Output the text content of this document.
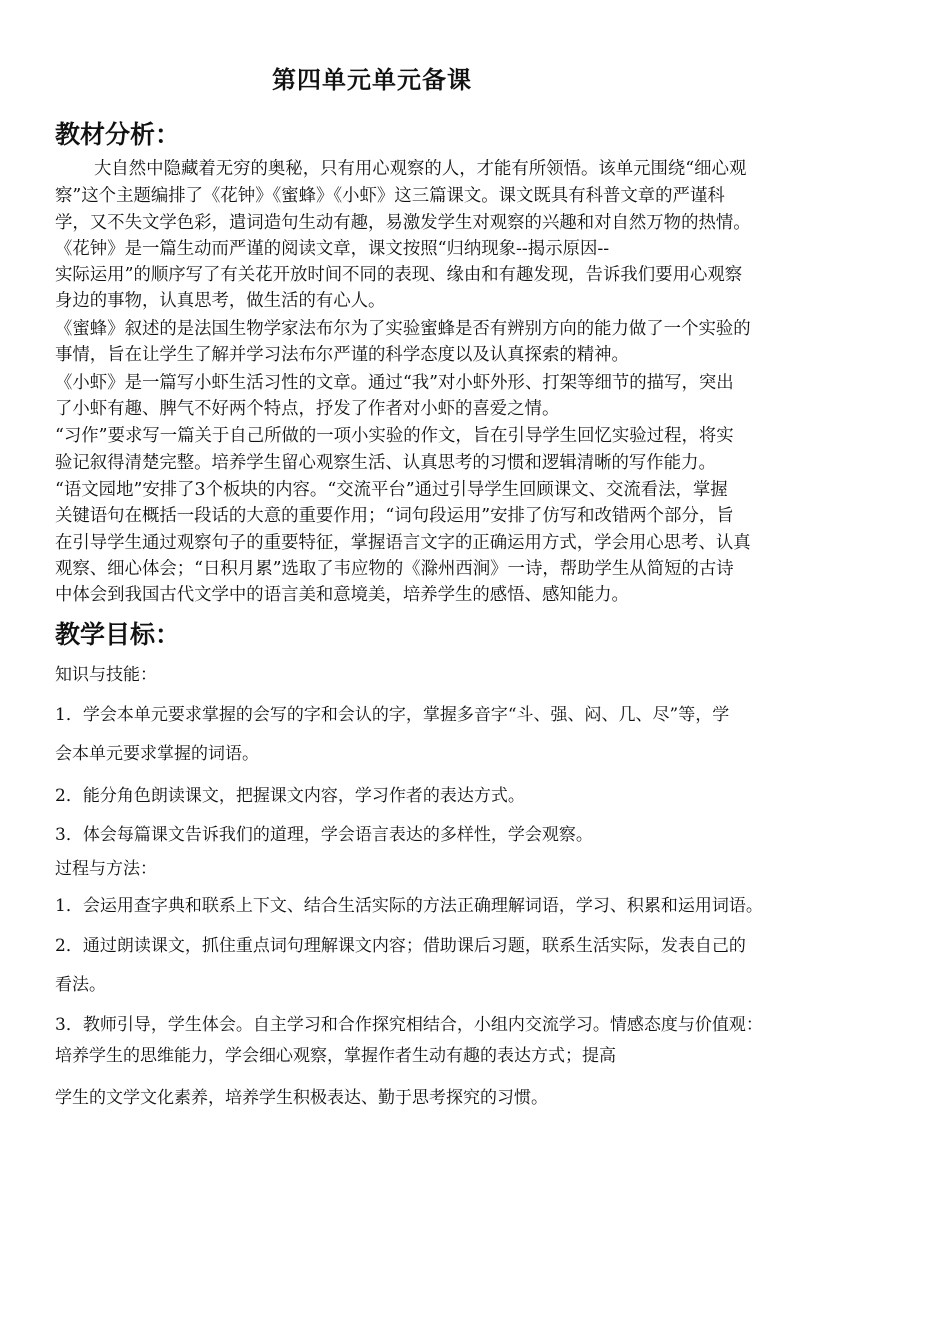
第四单元单元备课
教材分析：
大自然中隐藏着无穷的奥秘，只有用心观察的人，才能有所领悟。该单元围绕“细心观
察”这个主题编排了《花钟》《蜜蜂》《小虾》这三篇课文。课文既具有科普文章的严谨科
学，又不失文学色彩，遣词造句生动有趣，易激发学生对观察的兴趣和对自然万物的热情。
《花钟》是一篇生动而严谨的阅读文章，课文按照“归纳现象--揭示原因--
实际运用”的顺序写了有关花开放时间不同的表现、缘由和有趣发现，告诉我们要用心观察
身边的事物，认真思考，做生活的有心人。
《蜜蜂》叙述的是法国生物学家法布尔为了实验蜜蜂是否有辨别方向的能力做了一个实验的
事情，旨在让学生了解并学习法布尔严谨的科学态度以及认真探索的精神。
《小虾》是一篇写小虾生活习性的文章。通过“我”对小虾外形、打架等细节的描写，突出
了小虾有趣、脾气不好两个特点，抒发了作者对小虾的喜爱之情。
“习作”要求写一篇关于自己所做的一项小实验的作文，旨在引导学生回忆实验过程，将实
验记叙得清楚完整。培养学生留心观察生活、认真思考的习惯和逻辑清晰的写作能力。
“语文园地”安排了3个板块的内容。“交流平台”通过引导学生回顾课文、交流看法，掌握
关键语句在概括一段话的大意的重要作用；“词句段运用”安排了仿写和改错两个部分，旨
在引导学生通过观察句子的重要特征，掌握语言文字的正确运用方式，学会用心思考、认真
观察、细心体会；“日积月累”选取了韦应物的《滁州西涧》一诗，帮助学生从简短的古诗
中体会到我国古代文学中的语言美和意境美，培养学生的感悟、感知能力。
教学目标：
知识与技能：
1．学会本单元要求掌握的会写的字和会认的字，掌握多音字“斗、强、闷、几、尽”等，学
会本单元要求掌握的词语。
2．能分角色朗读课文，把握课文内容，学习作者的表达方式。
3．体会每篇课文告诉我们的道理，学会语言表达的多样性，学会观察。
过程与方法：
1．会运用查字典和联系上下文、结合生活实际的方法正确理解词语，学习、积累和运用词语。
2．通过朗读课文，抓住重点词句理解课文内容；借助课后习题，联系生活实际，发表自己的
看法。
3．教师引导，学生体会。自主学习和合作探究相结合，小组内交流学习。情感态度与价值观：
培养学生的思维能力，学会细心观察，掌握作者生动有趣的表达方式；提高
学生的文学文化素养，培养学生积极表达、勤于思考探究的习惯。
